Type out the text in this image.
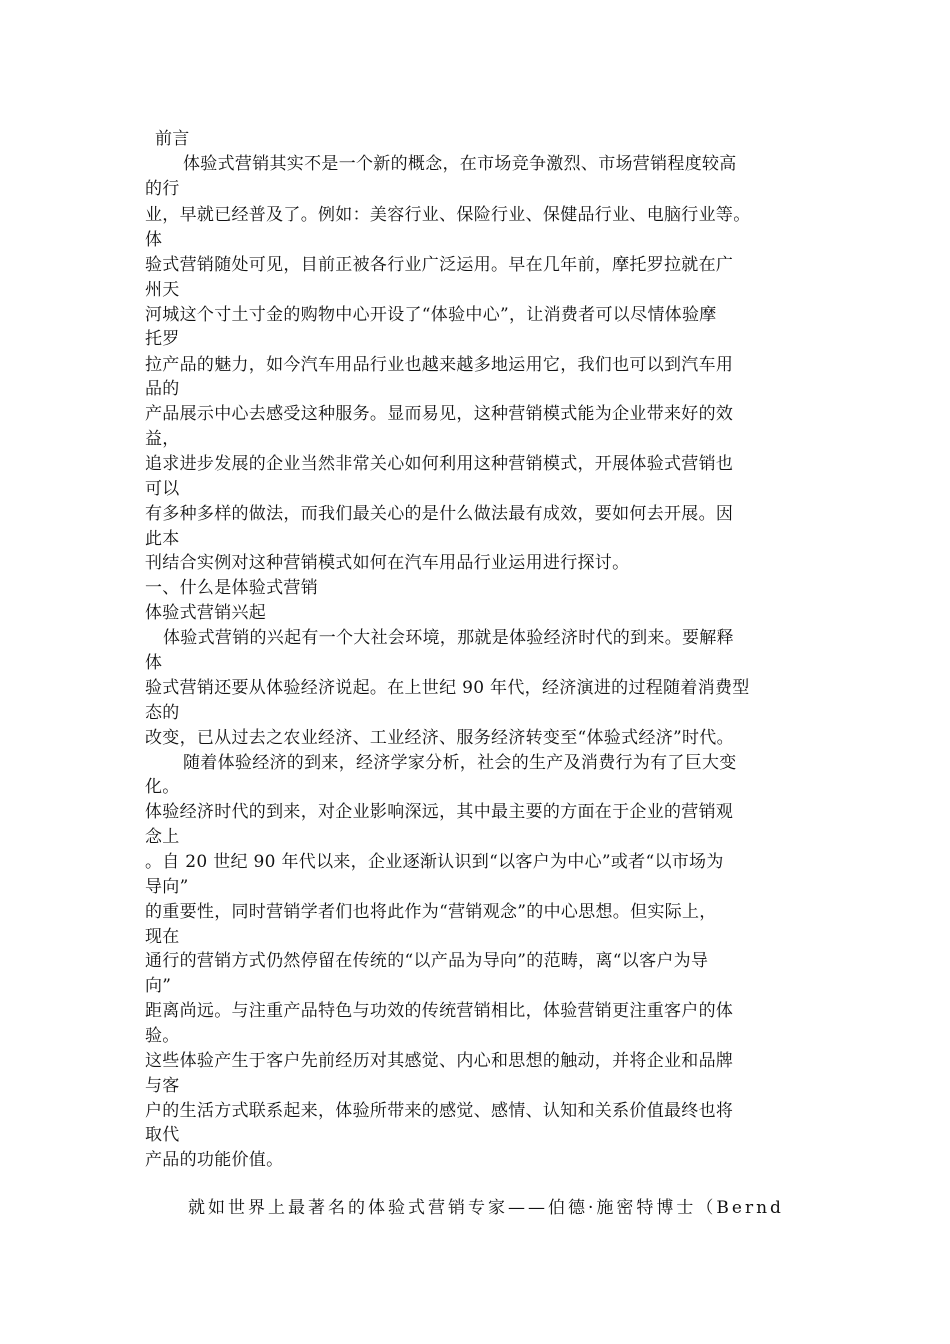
前言
体验式营销其实不是一个新的概念，在市场竞争激烈、市场营销程度较高
的行
业，早就已经普及了。例如：美容行业、保险行业、保健品行业、电脑行业等。
体
验式营销随处可见，目前正被各行业广泛运用。早在几年前，摩托罗拉就在广
州天
河城这个寸土寸金的购物中心开设了“体验中心”，让消费者可以尽情体验摩
托罗
拉产品的魅力，如今汽车用品行业也越来越多地运用它，我们也可以到汽车用
品的
产品展示中心去感受这种服务。显而易见，这种营销模式能为企业带来好的效
益，
追求进步发展的企业当然非常关心如何利用这种营销模式，开展体验式营销也
可以
有多种多样的做法，而我们最关心的是什么做法最有成效，要如何去开展。因
此本
刊结合实例对这种营销模式如何在汽车用品行业运用进行探讨。
一、什么是体验式营销
体验式营销兴起
体验式营销的兴起有一个大社会环境，那就是体验经济时代的到来。要解释
体
验式营销还要从体验经济说起。在上世纪 90 年代，经济演进的过程随着消费型
态的
改变，已从过去之农业经济、工业经济、服务经济转变至“体验式经济”时代。
随着体验经济的到来，经济学家分析，社会的生产及消费行为有了巨大变
化。
体验经济时代的到来，对企业影响深远，其中最主要的方面在于企业的营销观
念上
。自 20 世纪 90 年代以来，企业逐渐认识到“以客户为中心”或者“以市场为
导向”
的重要性，同时营销学者们也将此作为“营销观念”的中心思想。但实际上，
现在
通行的营销方式仍然停留在传统的“以产品为导向”的范畴，离“以客户为导
向”
距离尚远。与注重产品特色与功效的传统营销相比，体验营销更注重客户的体
验。
这些体验产生于客户先前经历对其感觉、内心和思想的触动，并将企业和品牌
与客
户的生活方式联系起来，体验所带来的感觉、感情、认知和关系价值最终也将
取代
产品的功能价值。
就如世界上最著名的体验式营销专家——伯德·施密特博士（Bernd
